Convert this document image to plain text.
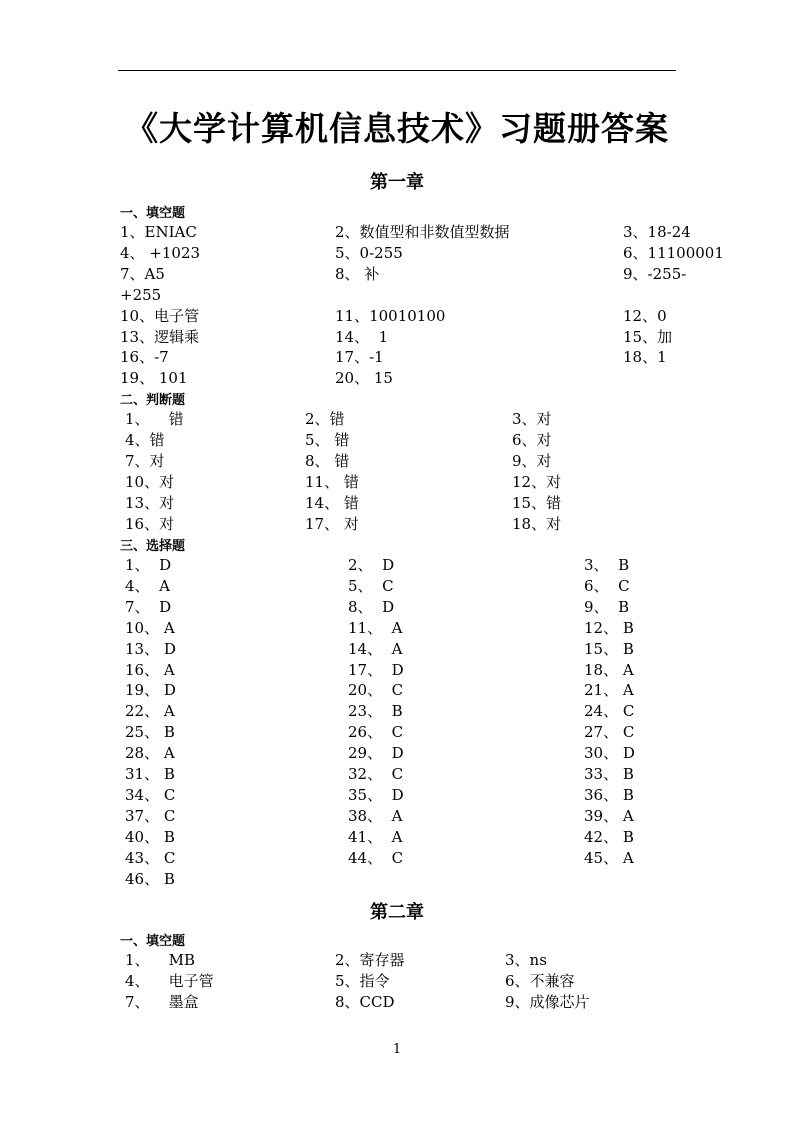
《大学计算机信息技术》习题册答案
第一章
一、填空题
1、ENIAC	2、数值型和非数值型数据	3、18-24
4、 +1023	5、0-255	6、11100001
7、A5	8、 补	9、-255-
+255
10、电子管	11、10010100	12、0
13、逻辑乘	14、  1	15、加
16、-7	17、-1	18、1
19、 101	20、 15
二、判断题
1、    错	2、错	3、对
4、错	5、 错	6、对
7、对	8、 错	9、对
10、对	11、 错	12、对
13、对	14、 错	15、错
16、对	17、 对	18、对
三、选择题
1、  D	2、  D	3、  B
4、  A	5、  C	6、  C
7、  D	8、  D	9、  B
10、 A	11、  A	12、 B
13、 D	14、  A	15、 B
16、 A	17、  D	18、 A
19、 D	20、  C	21、 A
22、 A	23、  B	24、 C
25、 B	26、  C	27、 C
28、 A	29、  D	30、 D
31、 B	32、  C	33、 B
34、 C	35、  D	36、 B
37、 C	38、  A	39、 A
40、 B	41、  A	42、 B
43、 C	44、  C	45、 A
46、 B
第二章
一、填空题
1、    MB	2、寄存器	3、ns
4、    电子管	5、指令	6、不兼容
7、    墨盒	8、CCD	9、成像芯片
1
